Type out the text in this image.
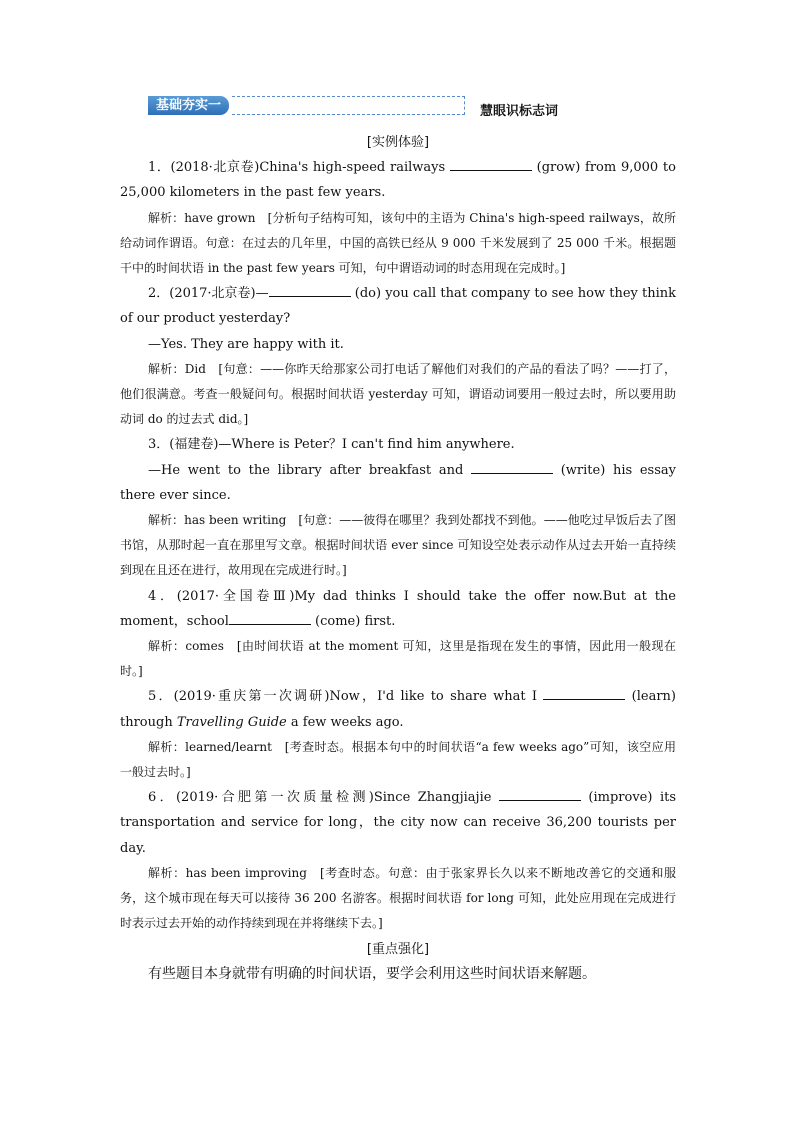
基础夯实一	慧眼识标志词
[实例体验]

1．(2018·北京卷)China's high-speed railways	(grow) from 9,000 to 25,000 kilometers in the past few years.

解析：have grown　[分析句子结构可知，该句中的主语为 China's high-speed railways，故所给动词作谓语。句意：在过去的几年里，中国的高铁已经从 9 000 千米发展到了 25 000 千米。根据题干中的时间状语 in the past few years 可知，句中谓语动词的时态用现在完成时。]

2．(2017·北京卷)—	(do) you call that company to see how they think of our product yesterday?

—Yes. They are happy with it.

解析：Did　[句意：——你昨天给那家公司打电话了解他们对我们的产品的看法了吗？——打了，他们很满意。考查一般疑问句。根据时间状语 yesterday 可知，谓语动词要用一般过去时，所以要用助动词 do 的过去式 did。]

3．(福建卷)—Where is Peter？I can't find him anywhere.

—He went to the library after breakfast and	(write) his essay there ever since.

解析：has been writing　[句意：——彼得在哪里？我到处都找不到他。——他吃过早饭后去了图书馆，从那时起一直在那里写文章。根据时间状语 ever since 可知设空处表示动作从过去开始一直持续到现在且还在进行，故用现在完成进行时。]

4．(2017·全国卷Ⅲ)My dad thinks I should take the offer now.But at the moment，school	(come) first.

解析：comes　[由时间状语 at the moment 可知，这里是指现在发生的事情，因此用一般现在时。]

5．(2019·重庆第一次调研)Now，I'd like to share what I	(learn) through Travelling Guide a few weeks ago.

解析：learned/learnt　[考查时态。根据本句中的时间状语“a few weeks ago”可知，该空应用一般过去时。]

6．(2019·合肥第一次质量检测)Since Zhangjiajie	(improve) its transportation and service for long，the city now can receive 36,200 tourists per day.

解析：has been improving　[考查时态。句意：由于张家界长久以来不断地改善它的交通和服务，这个城市现在每天可以接待 36 200 名游客。根据时间状语 for long 可知，此处应用现在完成进行时表示过去开始的动作持续到现在并将继续下去。]

[重点强化]

有些题目本身就带有明确的时间状语，要学会利用这些时间状语来解题。
